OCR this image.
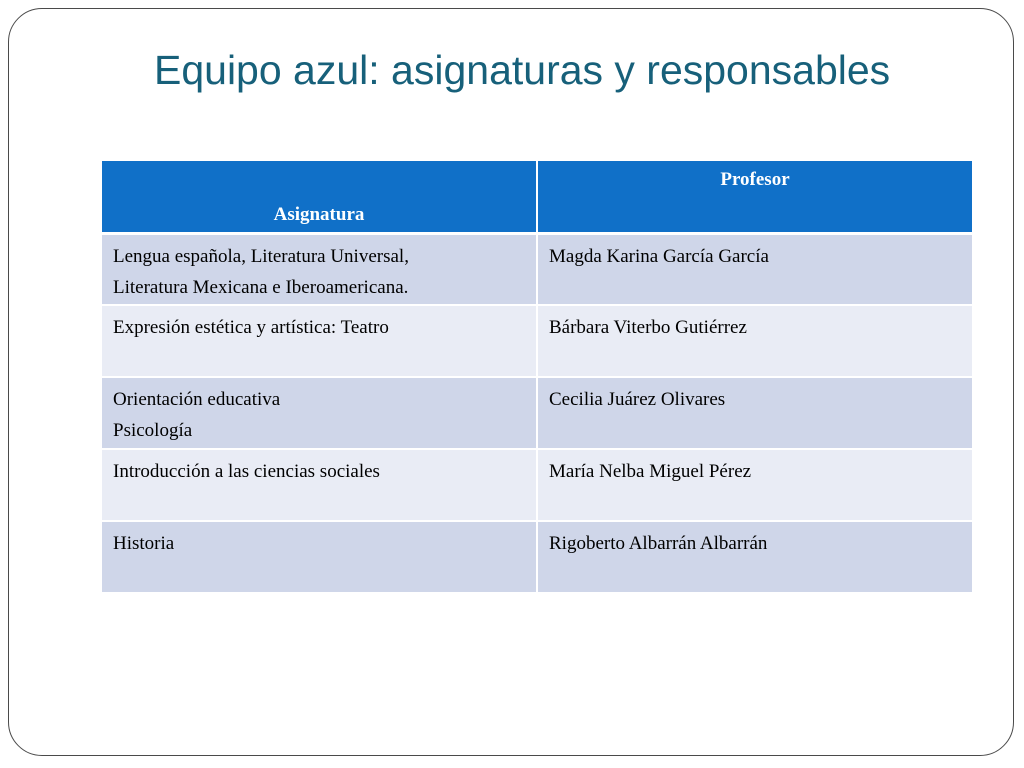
Equipo azul: asignaturas y responsables
Asignatura	Profesor

Lengua española, Literatura Universal,
Literatura Mexicana e Iberoamericana.	Magda Karina García García

Expresión estética y artística: Teatro	Bárbara Viterbo Gutiérrez

Orientación educativa
Psicología	Cecilia Juárez Olivares

Introducción a las ciencias sociales	María Nelba Miguel Pérez

Historia	Rigoberto Albarrán Albarrán
